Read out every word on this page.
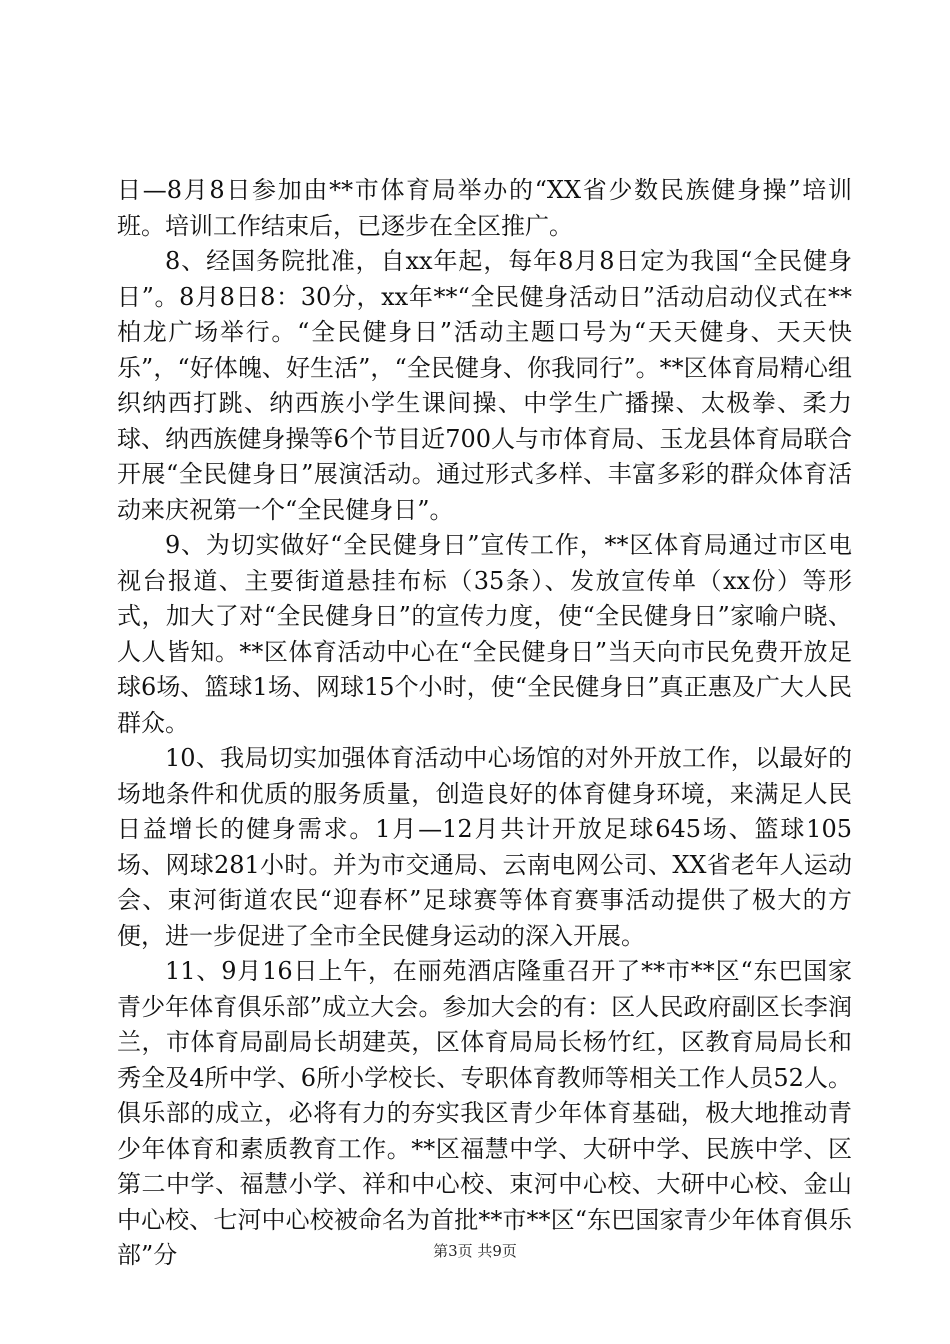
日—8月8日参加由**市体育局举办的“XX省少数民族健身操”培训班。培训工作结束后，已逐步在全区推广。

8、经国务院批准，自xx年起，每年8月8日定为我国“全民健身日”。8月8日8：30分，xx年**“全民健身活动日”活动启动仪式在**柏龙广场举行。“全民健身日”活动主题口号为“天天健身、天天快乐”，“好体魄、好生活”，“全民健身、你我同行”。**区体育局精心组织纳西打跳、纳西族小学生课间操、中学生广播操、太极拳、柔力球、纳西族健身操等6个节目近700人与市体育局、玉龙县体育局联合开展“全民健身日”展演活动。通过形式多样、丰富多彩的群众体育活动来庆祝第一个“全民健身日”。

9、为切实做好“全民健身日”宣传工作，**区体育局通过市区电视台报道、主要街道悬挂布标（35条）、发放宣传单（xx份）等形式，加大了对“全民健身日”的宣传力度，使“全民健身日”家喻户晓、人人皆知。**区体育活动中心在“全民健身日”当天向市民免费开放足球6场、篮球1场、网球15个小时，使“全民健身日”真正惠及广大人民群众。

10、我局切实加强体育活动中心场馆的对外开放工作，以最好的场地条件和优质的服务质量，创造良好的体育健身环境，来满足人民日益增长的健身需求。1月—12月共计开放足球645场、篮球105场、网球281小时。并为市交通局、云南电网公司、XX省老年人运动会、束河街道农民“迎春杯”足球赛等体育赛事活动提供了极大的方便，进一步促进了全市全民健身运动的深入开展。

11、9月16日上午，在丽苑酒店隆重召开了**市**区“东巴国家青少年体育俱乐部”成立大会。参加大会的有：区人民政府副区长李润兰，市体育局副局长胡建英，区体育局局长杨竹红，区教育局局长和秀全及4所中学、6所小学校长、专职体育教师等相关工作人员52人。俱乐部的成立，必将有力的夯实我区青少年体育基础，极大地推动青少年体育和素质教育工作。**区福慧中学、大研中学、民族中学、区第二中学、福慧小学、祥和中心校、束河中心校、大研中心校、金山中心校、七河中心校被命名为首批**市**区“东巴国家青少年体育俱乐部”分	第3页 共9页
